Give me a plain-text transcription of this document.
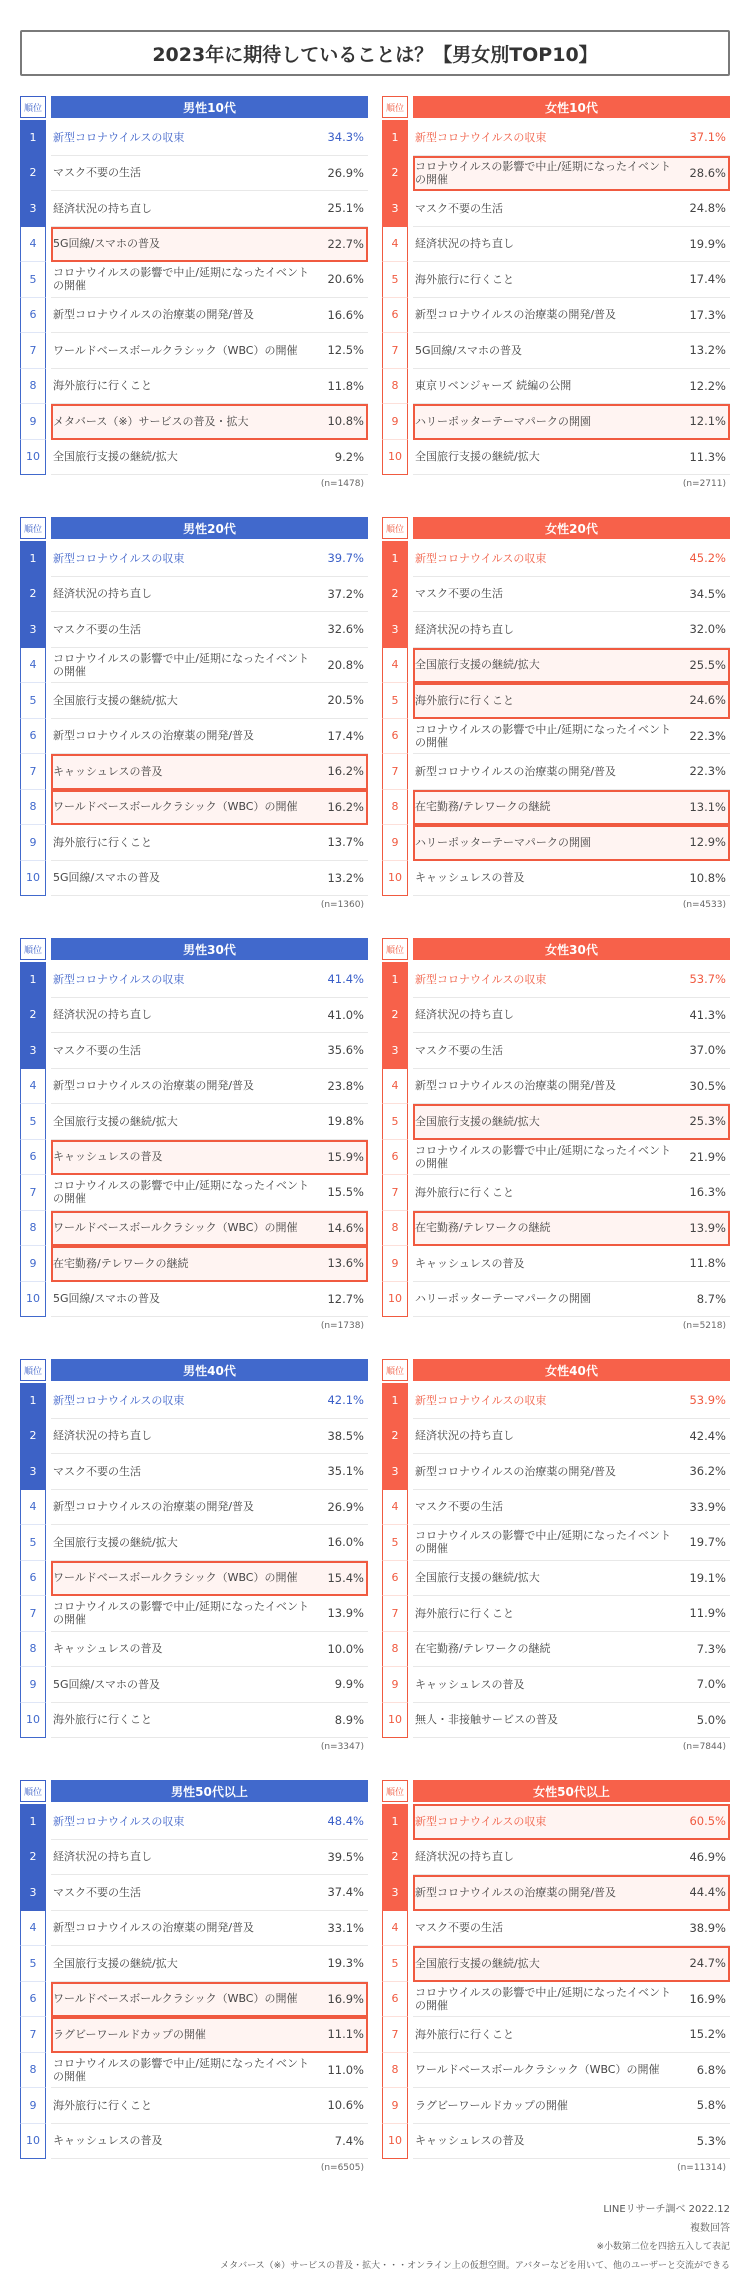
2023年に期待していることは？【男女別TOP10】
順位	男性10代
1	新型コロナウイルスの収束	34.3%
2	マスク不要の生活	26.9%
3	経済状況の持ち直し	25.1%
4	5G回線/スマホの普及	22.7%
5	コロナウイルスの影響で中止/延期になったイベントの開催	20.6%
6	新型コロナウイルスの治療薬の開発/普及	16.6%
7	ワールドベースボールクラシック（WBC）の開催	12.5%
8	海外旅行に行くこと	11.8%
9	メタバース（※）サービスの普及・拡大	10.8%
10	全国旅行支援の継続/拡大	9.2%
(n=1478)
順位	女性10代
1	新型コロナウイルスの収束	37.1%
2	コロナウイルスの影響で中止/延期になったイベントの開催	28.6%
3	マスク不要の生活	24.8%
4	経済状況の持ち直し	19.9%
5	海外旅行に行くこと	17.4%
6	新型コロナウイルスの治療薬の開発/普及	17.3%
7	5G回線/スマホの普及	13.2%
8	東京リベンジャーズ 続編の公開	12.2%
9	ハリーポッターテーマパークの開園	12.1%
10	全国旅行支援の継続/拡大	11.3%
(n=2711)
順位	男性20代
1	新型コロナウイルスの収束	39.7%
2	経済状況の持ち直し	37.2%
3	マスク不要の生活	32.6%
4	コロナウイルスの影響で中止/延期になったイベントの開催	20.8%
5	全国旅行支援の継続/拡大	20.5%
6	新型コロナウイルスの治療薬の開発/普及	17.4%
7	キャッシュレスの普及	16.2%
8	ワールドベースボールクラシック（WBC）の開催	16.2%
9	海外旅行に行くこと	13.7%
10	5G回線/スマホの普及	13.2%
(n=1360)
順位	女性20代
1	新型コロナウイルスの収束	45.2%
2	マスク不要の生活	34.5%
3	経済状況の持ち直し	32.0%
4	全国旅行支援の継続/拡大	25.5%
5	海外旅行に行くこと	24.6%
6	コロナウイルスの影響で中止/延期になったイベントの開催	22.3%
7	新型コロナウイルスの治療薬の開発/普及	22.3%
8	在宅勤務/テレワークの継続	13.1%
9	ハリーポッターテーマパークの開園	12.9%
10	キャッシュレスの普及	10.8%
(n=4533)
順位	男性30代
1	新型コロナウイルスの収束	41.4%
2	経済状況の持ち直し	41.0%
3	マスク不要の生活	35.6%
4	新型コロナウイルスの治療薬の開発/普及	23.8%
5	全国旅行支援の継続/拡大	19.8%
6	キャッシュレスの普及	15.9%
7	コロナウイルスの影響で中止/延期になったイベントの開催	15.5%
8	ワールドベースボールクラシック（WBC）の開催	14.6%
9	在宅勤務/テレワークの継続	13.6%
10	5G回線/スマホの普及	12.7%
(n=1738)
順位	女性30代
1	新型コロナウイルスの収束	53.7%
2	経済状況の持ち直し	41.3%
3	マスク不要の生活	37.0%
4	新型コロナウイルスの治療薬の開発/普及	30.5%
5	全国旅行支援の継続/拡大	25.3%
6	コロナウイルスの影響で中止/延期になったイベントの開催	21.9%
7	海外旅行に行くこと	16.3%
8	在宅勤務/テレワークの継続	13.9%
9	キャッシュレスの普及	11.8%
10	ハリーポッターテーマパークの開園	8.7%
(n=5218)
順位	男性40代
1	新型コロナウイルスの収束	42.1%
2	経済状況の持ち直し	38.5%
3	マスク不要の生活	35.1%
4	新型コロナウイルスの治療薬の開発/普及	26.9%
5	全国旅行支援の継続/拡大	16.0%
6	ワールドベースボールクラシック（WBC）の開催	15.4%
7	コロナウイルスの影響で中止/延期になったイベントの開催	13.9%
8	キャッシュレスの普及	10.0%
9	5G回線/スマホの普及	9.9%
10	海外旅行に行くこと	8.9%
(n=3347)
順位	女性40代
1	新型コロナウイルスの収束	53.9%
2	経済状況の持ち直し	42.4%
3	新型コロナウイルスの治療薬の開発/普及	36.2%
4	マスク不要の生活	33.9%
5	コロナウイルスの影響で中止/延期になったイベントの開催	19.7%
6	全国旅行支援の継続/拡大	19.1%
7	海外旅行に行くこと	11.9%
8	在宅勤務/テレワークの継続	7.3%
9	キャッシュレスの普及	7.0%
10	無人・非接触サービスの普及	5.0%
(n=7844)
順位	男性50代以上
1	新型コロナウイルスの収束	48.4%
2	経済状況の持ち直し	39.5%
3	マスク不要の生活	37.4%
4	新型コロナウイルスの治療薬の開発/普及	33.1%
5	全国旅行支援の継続/拡大	19.3%
6	ワールドベースボールクラシック（WBC）の開催	16.9%
7	ラグビーワールドカップの開催	11.1%
8	コロナウイルスの影響で中止/延期になったイベントの開催	11.0%
9	海外旅行に行くこと	10.6%
10	キャッシュレスの普及	7.4%
(n=6505)
順位	女性50代以上
1	新型コロナウイルスの収束	60.5%
2	経済状況の持ち直し	46.9%
3	新型コロナウイルスの治療薬の開発/普及	44.4%
4	マスク不要の生活	38.9%
5	全国旅行支援の継続/拡大	24.7%
6	コロナウイルスの影響で中止/延期になったイベントの開催	16.9%
7	海外旅行に行くこと	15.2%
8	ワールドベースボールクラシック（WBC）の開催	6.8%
9	ラグビーワールドカップの開催	5.8%
10	キャッシュレスの普及	5.3%
(n=11314)
LINEリサーチ調べ 2022.12
複数回答
※小数第二位を四捨五入して表記
メタバース（※）サービスの普及・拡大・・・オンライン上の仮想空間。アバターなどを用いて、他のユーザーと交流ができる
